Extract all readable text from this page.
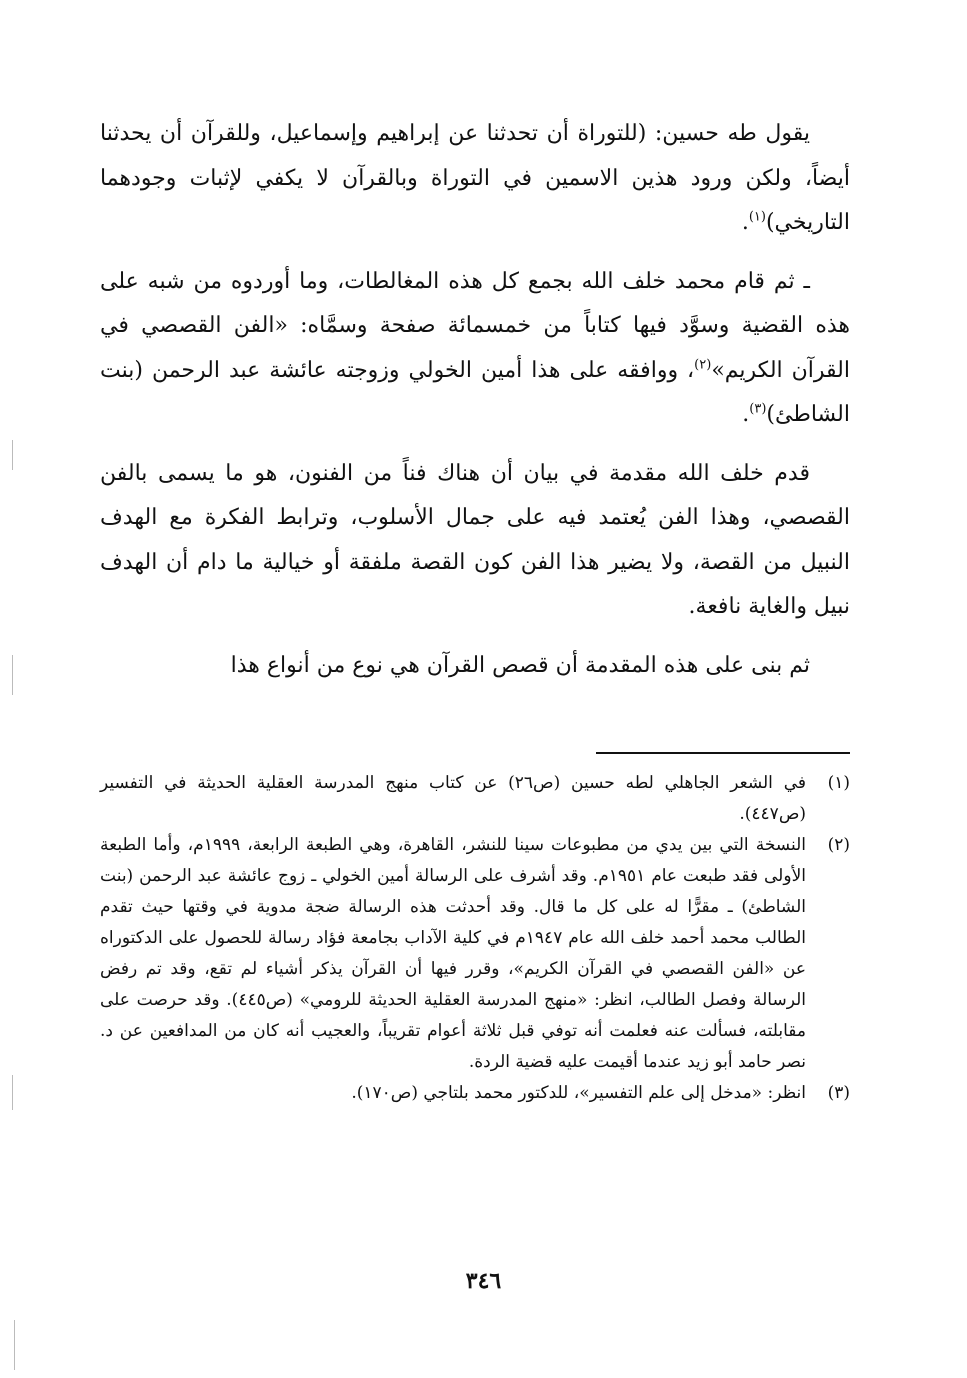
يقول طه حسين: (للتوراة أن تحدثنا عن إبراهيم وإسماعيل، وللقرآن أن يحدثنا أيضاً، ولكن ورود هذين الاسمين في التوراة وبالقرآن لا يكفي لإثبات وجودهما التاريخي)$^{(١)}$.

ـ ثم قام محمد خلف الله بجمع كل هذه المغالطات، وما أوردوه من شبه على هذه القضية وسوَّد فيها كتاباً من خمسمائة صفحة وسمَّاه: «الفن القصصي في القرآن الكريم»$^{(٢)}$، ووافقه على هذا أمين الخولي وزوجته عائشة عبد الرحمن (بنت الشاطئ)$^{(٣)}$.

قدم خلف الله مقدمة في بيان أن هناك فناً من الفنون، هو ما يسمى بالفن القصصي، وهذا الفن يُعتمد فيه على جمال الأسلوب، وترابط الفكرة مع الهدف النبيل من القصة، ولا يضير هذا الفن كون القصة ملفقة أو خيالية ما دام أن الهدف نبيل والغاية نافعة.

ثم بنى على هذه المقدمة أن قصص القرآن هي نوع من أنواع هذا

(١)
في الشعر الجاهلي لطه حسين (ص٢٦) عن كتاب منهج المدرسة العقلية الحديثة في التفسير (ص٤٤٧).
(٢)
النسخة التي بين يدي من مطبوعات سينا للنشر، القاهرة، وهي الطبعة الرابعة، ١٩٩٩م، وأما الطبعة الأولى فقد طبعت عام ١٩٥١م. وقد أشرف على الرسالة أمين الخولي ـ زوج عائشة عبد الرحمن (بنت الشاطئ) ـ مقرًّا له على كل ما قال. وقد أحدثت هذه الرسالة ضجة مدوية في وقتها حيث تقدم الطالب محمد أحمد خلف الله عام ١٩٤٧م في كلية الآداب بجامعة فؤاد رسالة للحصول على الدكتوراه عن «الفن القصصي في القرآن الكريم»، وقرر فيها أن القرآن يذكر أشياء لم تقع، وقد تم رفض الرسالة وفصل الطالب، انظر: «منهج المدرسة العقلية الحديثة للرومي» (ص٤٤٥). وقد حرصت على مقابلته، فسألت عنه فعلمت أنه توفي قبل ثلاثة أعوام تقريباً، والعجيب أنه كان من المدافعين عن د. نصر حامد أبو زيد عندما أقيمت عليه قضية الردة.
(٣)
انظر: «مدخل إلى علم التفسير»، للدكتور محمد بلتاجي (ص١٧٠).
٣٤٦
